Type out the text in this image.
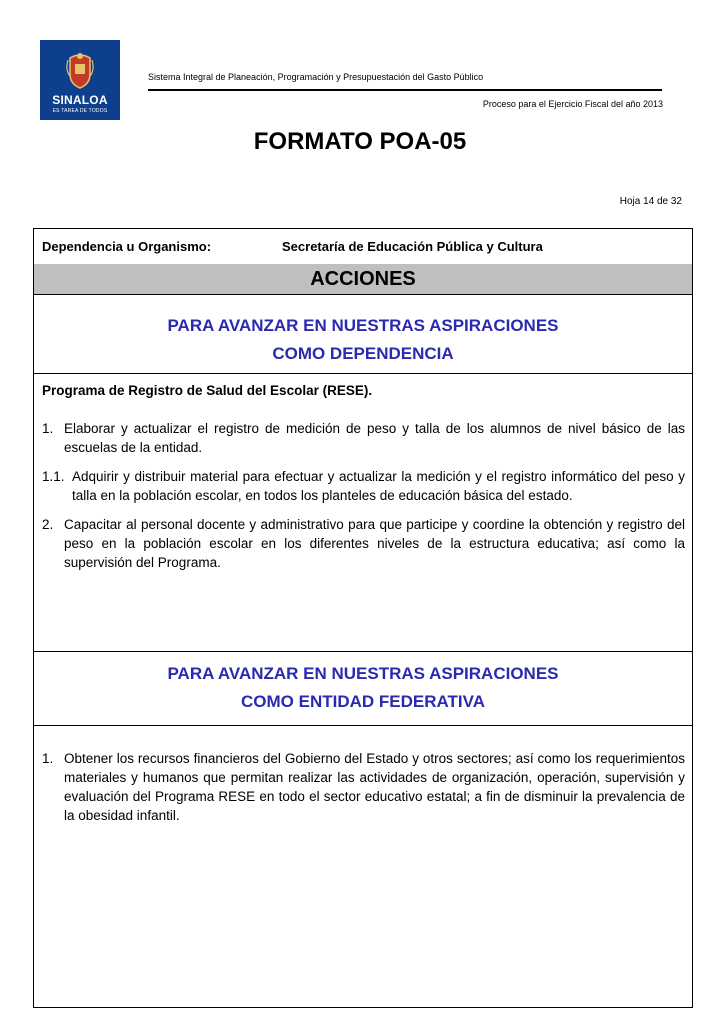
SINALOA
ES TAREA DE TODOS
Sistema Integral de Planeación, Programación y Presupuestación del Gasto Público
Proceso para el Ejercicio Fiscal del año 2013
FORMATO POA-05
Hoja 14 de 32
Dependencia u Organismo:	Secretaría de Educación Pública y Cultura
ACCIONES
PARA AVANZAR EN NUESTRAS ASPIRACIONES
COMO DEPENDENCIA
Programa de Registro de Salud del Escolar (RESE).
1. Elaborar y actualizar el registro de medición de peso y talla de los alumnos de nivel básico de las escuelas de la entidad.
1.1. Adquirir y distribuir material para efectuar y actualizar la medición y el registro informático del peso y talla en la población escolar, en todos los planteles de educación básica del estado.
2. Capacitar al personal docente y administrativo para que participe y coordine la obtención y registro del peso en la población escolar en los diferentes niveles de la estructura educativa; así como la supervisión del Programa.
PARA AVANZAR EN NUESTRAS ASPIRACIONES
COMO ENTIDAD FEDERATIVA
1. Obtener los recursos financieros del Gobierno del Estado y otros sectores; así como los requerimientos materiales y humanos que permitan realizar las actividades de organización, operación, supervisión y evaluación del Programa RESE en todo el sector educativo estatal; a fin de disminuir la prevalencia de la obesidad infantil.
